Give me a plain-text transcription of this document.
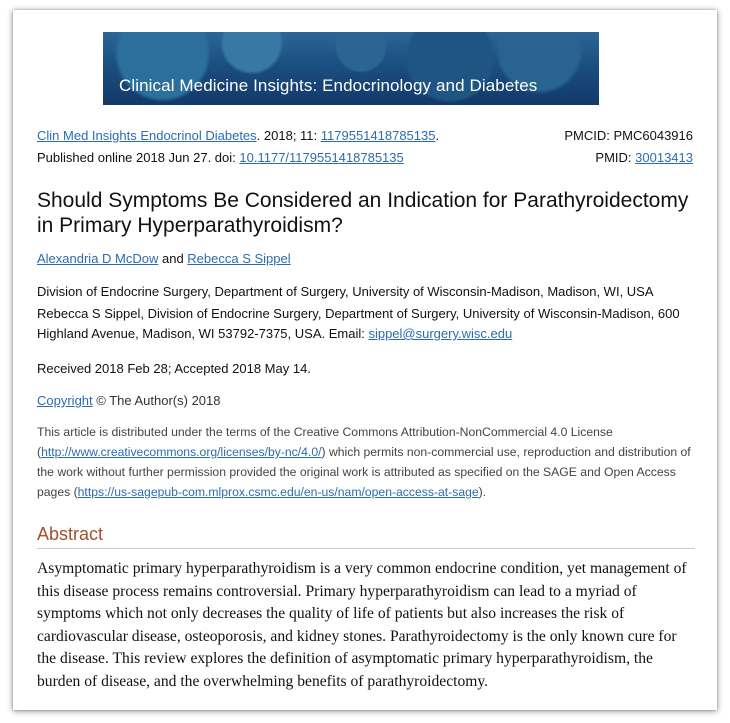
Clinical Medicine Insights: Endocrinology and Diabetes
Clin Med Insights Endocrinol Diabetes. 2018; 11: 1179551418785135.	PMCID: PMC6043916
Published online 2018 Jun 27. doi: 10.1177/1179551418785135	PMID: 30013413
Should Symptoms Be Considered an Indication for Parathyroidectomy in Primary Hyperparathyroidism?
Alexandria D McDow and Rebecca S Sippel
Division of Endocrine Surgery, Department of Surgery, University of Wisconsin-Madison, Madison, WI, USA
Rebecca S Sippel, Division of Endocrine Surgery, Department of Surgery, University of Wisconsin-Madison, 600 Highland Avenue, Madison, WI 53792-7375, USA. Email: sippel@surgery.wisc.edu
Received 2018 Feb 28; Accepted 2018 May 14.
Copyright © The Author(s) 2018
This article is distributed under the terms of the Creative Commons Attribution-NonCommercial 4.0 License (http://www.creativecommons.org/licenses/by-nc/4.0/) which permits non-commercial use, reproduction and distribution of the work without further permission provided the original work is attributed as specified on the SAGE and Open Access pages (https://us-sagepub-com.mlprox.csmc.edu/en-us/nam/open-access-at-sage).
Abstract
Asymptomatic primary hyperparathyroidism is a very common endocrine condition, yet management of this disease process remains controversial. Primary hyperparathyroidism can lead to a myriad of symptoms which not only decreases the quality of life of patients but also increases the risk of cardiovascular disease, osteoporosis, and kidney stones. Parathyroidectomy is the only known cure for the disease. This review explores the definition of asymptomatic primary hyperparathyroidism, the burden of disease, and the overwhelming benefits of parathyroidectomy.
